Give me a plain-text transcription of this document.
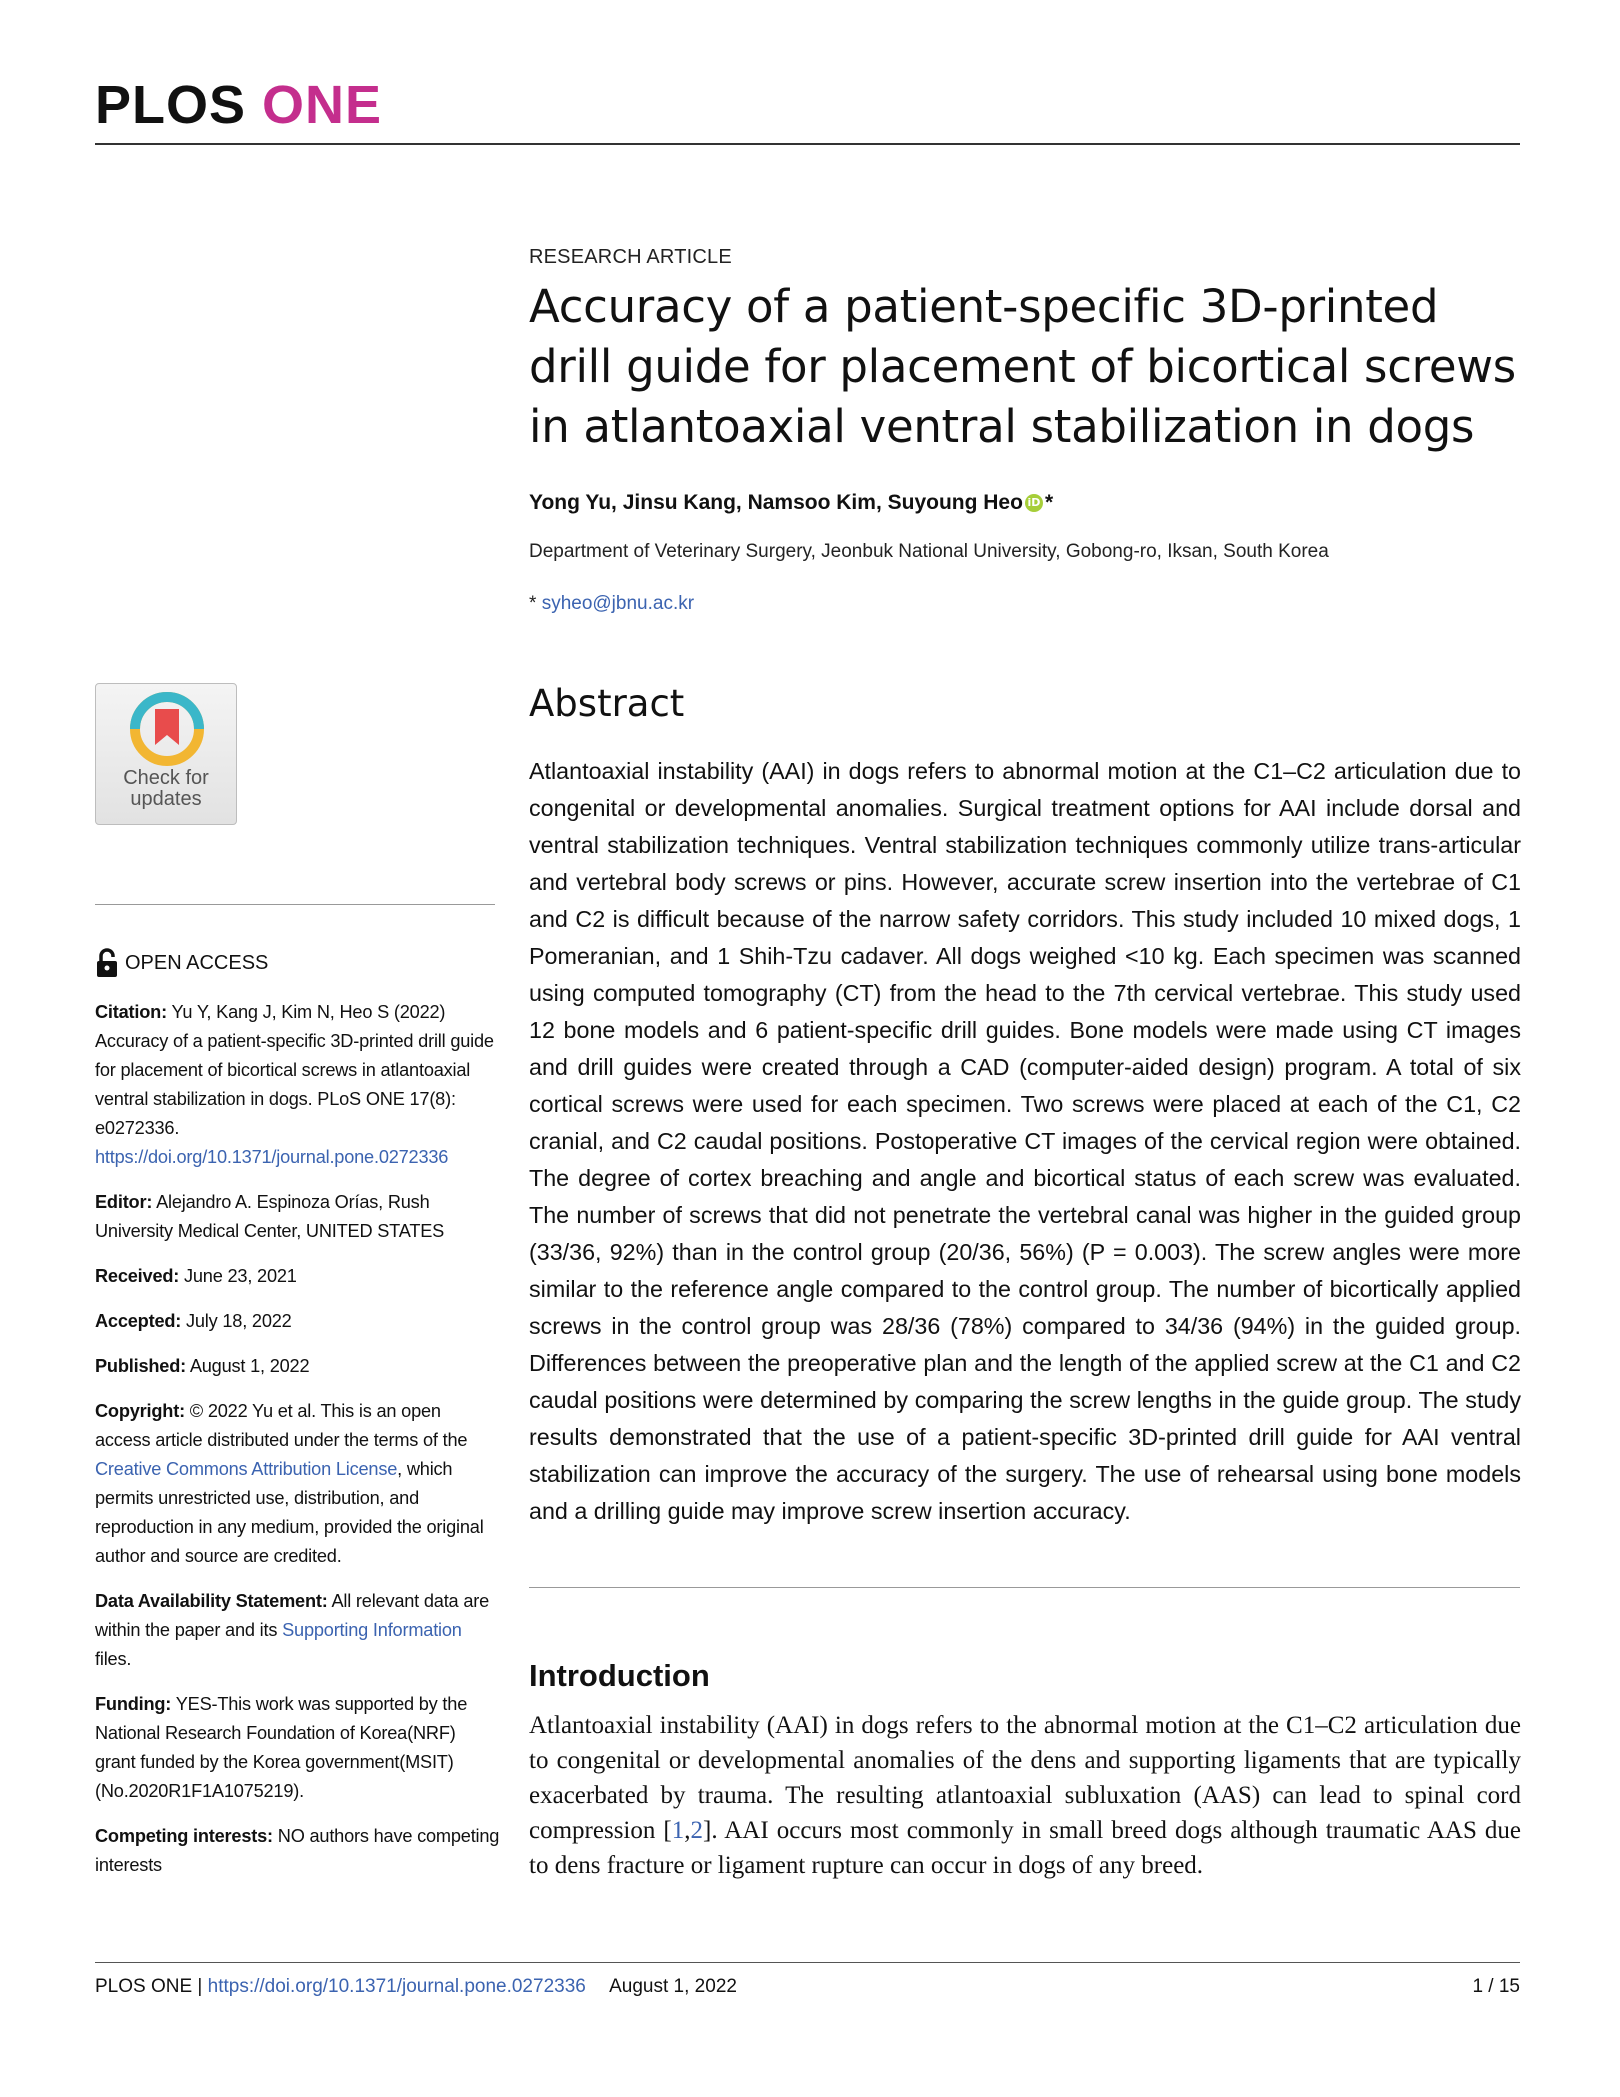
PLOS ONE
RESEARCH ARTICLE
Accuracy of a patient-specific 3D-printed drill guide for placement of bicortical screws in atlantoaxial ventral stabilization in dogs
Yong Yu, Jinsu Kang, Namsoo Kim, Suyoung Heo iD *
Department of Veterinary Surgery, Jeonbuk National University, Gobong-ro, Iksan, South Korea
* syheo@jbnu.ac.kr
Abstract

Atlantoaxial instability (AAI) in dogs refers to abnormal motion at the C1–C2 articulation due to congenital or developmental anomalies. Surgical treatment options for AAI include dorsal and ventral stabilization techniques. Ventral stabilization techniques commonly utilize trans-articular and vertebral body screws or pins. However, accurate screw insertion into the vertebrae of C1 and C2 is difficult because of the narrow safety corridors. This study included 10 mixed dogs, 1 Pomeranian, and 1 Shih-Tzu cadaver. All dogs weighed <10 kg. Each specimen was scanned using computed tomography (CT) from the head to the 7th cervical vertebrae. This study used 12 bone models and 6 patient-specific drill guides. Bone models were made using CT images and drill guides were created through a CAD (computer-aided design) program. A total of six cortical screws were used for each specimen. Two screws were placed at each of the C1, C2 cranial, and C2 caudal positions. Postoperative CT images of the cervical region were obtained. The degree of cortex breaching and angle and bicortical status of each screw was evaluated. The number of screws that did not penetrate the vertebral canal was higher in the guided group (33/36, 92%) than in the control group (20/36, 56%) (P = 0.003). The screw angles were more similar to the reference angle compared to the control group. The number of bicortically applied screws in the control group was 28/36 (78%) compared to 34/36 (94%) in the guided group. Differences between the preoperative plan and the length of the applied screw at the C1 and C2 caudal positions were determined by comparing the screw lengths in the guide group. The study results demonstrated that the use of a patient-specific 3D-printed drill guide for AAI ventral stabilization can improve the accuracy of the surgery. The use of rehearsal using bone models and a drilling guide may improve screw insertion accuracy.

Introduction

Atlantoaxial instability (AAI) in dogs refers to the abnormal motion at the C1–C2 articulation due to congenital or developmental anomalies of the dens and supporting ligaments that are typically exacerbated by trauma. The resulting atlantoaxial subluxation (AAS) can lead to spinal cord compression [1,2]. AAI occurs most commonly in small breed dogs although traumatic AAS due to dens fracture or ligament rupture can occur in dogs of any breed.

Check for
updates
OPEN ACCESS
Citation: Yu Y, Kang J, Kim N, Heo S (2022) Accuracy of a patient-specific 3D-printed drill guide for placement of bicortical screws in atlantoaxial ventral stabilization in dogs. PLoS ONE 17(8): e0272336. https://doi.org/10.1371/journal.pone.0272336
Editor: Alejandro A. Espinoza Orías, Rush University Medical Center, UNITED STATES
Received: June 23, 2021
Accepted: July 18, 2022
Published: August 1, 2022
Copyright: © 2022 Yu et al. This is an open access article distributed under the terms of the Creative Commons Attribution License, which permits unrestricted use, distribution, and reproduction in any medium, provided the original author and source are credited.
Data Availability Statement: All relevant data are within the paper and its Supporting Information files.
Funding: YES-This work was supported by the National Research Foundation of Korea(NRF) grant funded by the Korea government(MSIT) (No.2020R1F1A1075219).
Competing interests: NO authors have competing interests
PLOS ONE | https://doi.org/10.1371/journal.pone.0272336 August 1, 2022	1 / 15
